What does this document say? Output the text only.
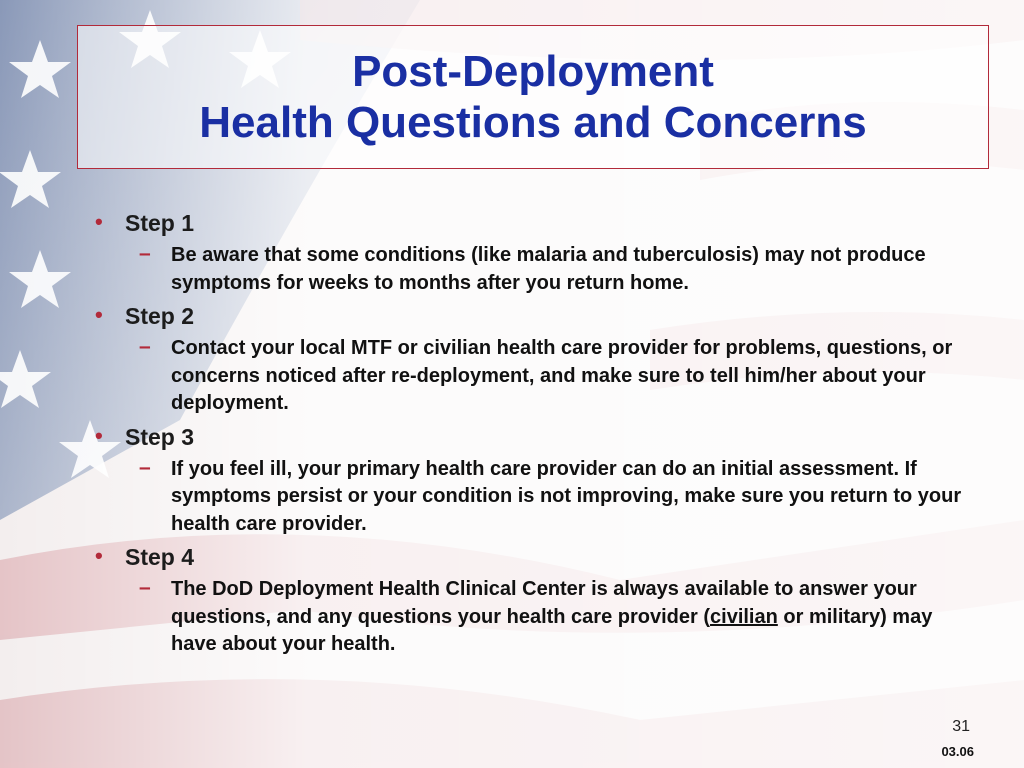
Post-Deployment
Health Questions and Concerns
• Step 1
– Be aware that some conditions (like malaria and tuberculosis) may not produce symptoms for weeks to months after you return home.
• Step 2
– Contact your local MTF or civilian health care provider for problems, questions, or concerns noticed after re-deployment, and make sure to tell him/her about your deployment.
• Step 3
– If you feel ill, your primary health care provider can do an initial assessment. If symptoms persist or your condition is not improving, make sure you return to your health care provider.
• Step 4
– The DoD Deployment Health Clinical Center is always available to answer your questions, and any questions your health care provider (civilian or military) may have about your health.
31
03.06
